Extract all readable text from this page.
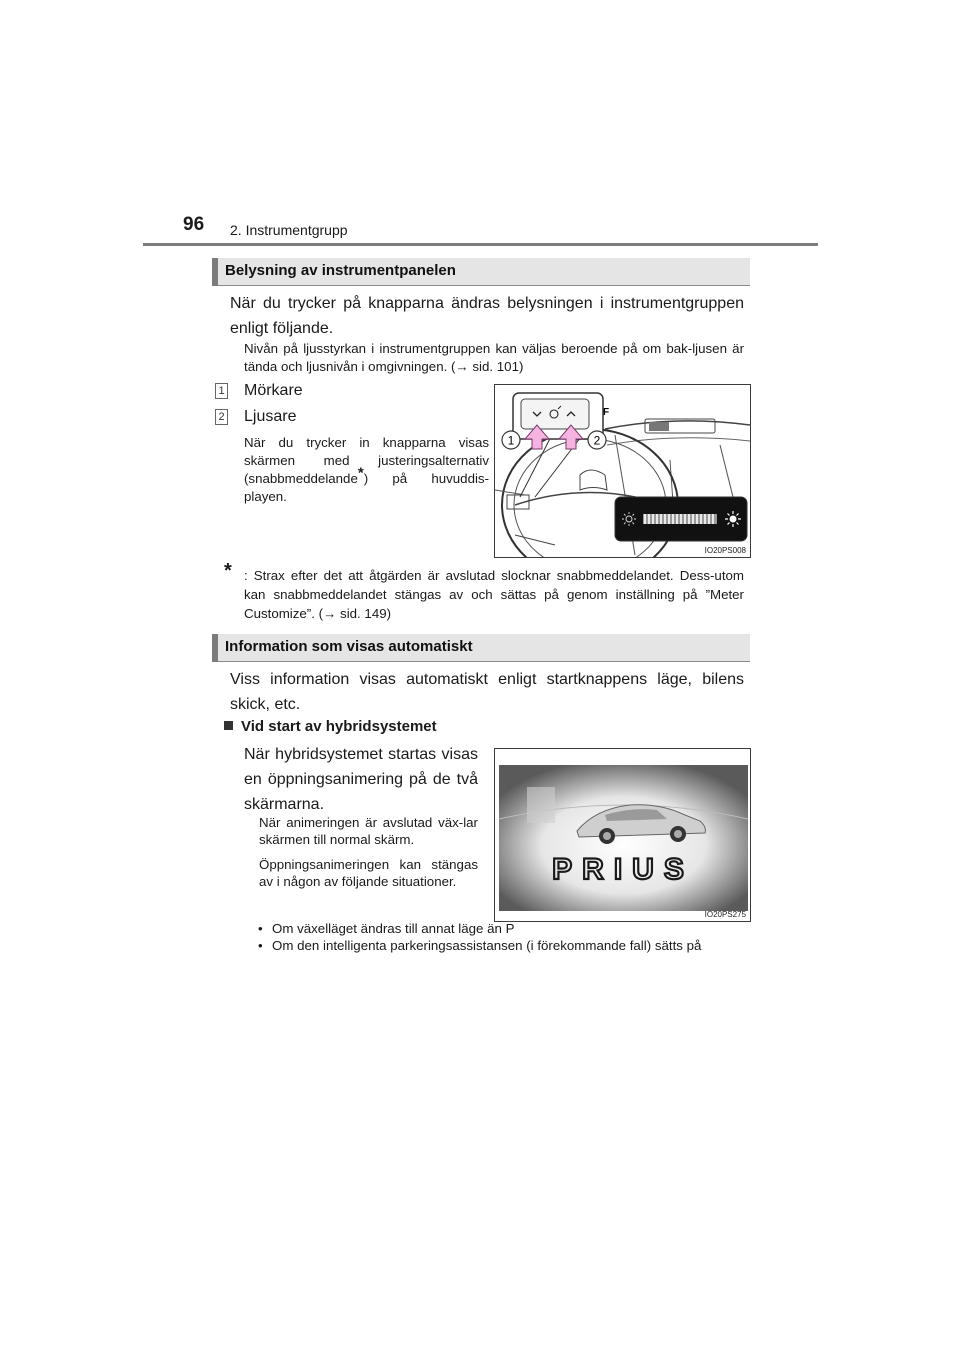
96 2. Instrumentgrupp
Belysning av instrumentpanelen
När du trycker på knapparna ändras belysningen i instrumentgruppen enligt följande.
Nivån på ljusstyrkan i instrumentgruppen kan väljas beroende på om bak-ljusen är tända och ljusnivån i omgivningen. (→ sid. 101)
1 Mörkare
2 Ljusare
När du trycker in knapparna visas skärmen med justeringsalternativ (snabbmeddelande*) på huvuddis-playen.
F
1	2
IO20PS008
* : Strax efter det att åtgärden är avslutad slocknar snabbmeddelandet. Dess-utom kan snabbmeddelandet stängas av och sättas på genom inställning på ”Meter Customize”. (→ sid. 149)
Information som visas automatiskt
Viss information visas automatiskt enligt startknappens läge, bilens skick, etc.
Vid start av hybridsystemet
När hybridsystemet startas visas en öppningsanimering på de två skärmarna.
När animeringen är avslutad väx-lar skärmen till normal skärm.
Öppningsanimeringen kan stängas av i någon av följande situationer.	PRIUS
IO20PS275
• Om växelläget ändras till annat läge än P
• Om den intelligenta parkeringsassistansen (i förekommande fall) sätts på
